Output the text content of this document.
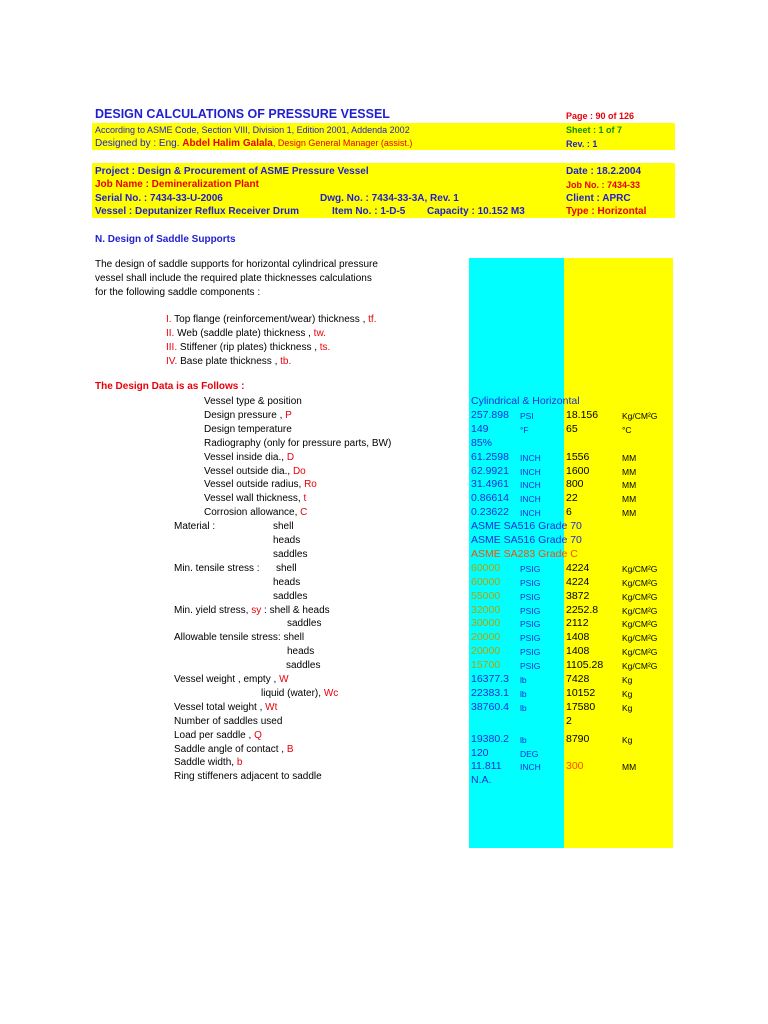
DESIGN CALCULATIONS OF PRESSURE VESSEL	Page : 90 of 126
According to ASME Code, Section VIII, Division 1, Edition 2001, Addenda 2002	Sheet : 1 of 7
Designed by : Eng. Abdel Halim Galala, Design General Manager (assist.)	Rev. : 1
Project : Design & Procurement of ASME Pressure Vessel	Date : 18.2.2004
Job Name : Demineralization Plant	Job No. : 7434-33
Serial No. : 7434-33-U-2006	Dwg. No. : 7434-33-3A, Rev. 1	Client : APRC
Vessel : Deputanizer Reflux Receiver Drum	Item No. : 1-D-5 Capacity : 10.152 M3	Type : Horizontal
N. Design of Saddle Supports
The design of saddle supports for horizontal cylindrical pressure
vessel shall include the required plate thicknesses calculations
for the following saddle components :
I. Top flange (reinforcement/wear) thickness , tf.
II. Web (saddle plate) thickness , tw.
III. Stiffener (rip plates) thickness , ts.
IV. Base plate thickness , tb.
The Design Data is as Follows :
Vessel type & position	Cylindrical & Horizontal
Design pressure , P	257.898 PSI	18.156	Kg/CM²G
Design temperature	149	°F	65	°C
Radiography (only for pressure parts, BW)	85%
Vessel inside dia., D	61.2598 INCH 1556	MM
Vessel outside dia., Do	62.9921 INCH 1600	MM
Vessel outside radius, Ro	31.4961 INCH 800	MM
Vessel wall thickness, t	0.86614 INCH 22	MM
Corrosion allowance, C	0.23622 INCH 6	MM
Material :	shell	ASME SA516 Grade 70
heads	ASME SA516 Grade 70
saddles	ASME SA283 Grade C
Min. tensile stress : shell	60000 PSIG 4224	Kg/CM²G
heads	60000 PSIG 4224	Kg/CM²G
saddles	55000 PSIG 3872	Kg/CM²G
Min. yield stress, sy : shell & heads	32000 PSIG 2252.8	Kg/CM²G
saddles	30000 PSIG 2112	Kg/CM²G
Allowable tensile stress: shell	20000 PSIG 1408	Kg/CM²G
heads	20000 PSIG 1408	Kg/CM²G
saddles	15700 PSIG 1105.28 Kg/CM²G
Vessel weight , empty , W	16377.3 lb	7428	Kg
liquid (water), Wc	22383.1 lb	10152	Kg
Vessel total weight , Wt	38760.4 lb	17580	Kg
Number of saddles used	2
Load per saddle , Q	19380.2 lb	8790	Kg
Saddle angle of contact , B	120	DEG
Saddle width, b	11.811 INCH 300	MM
Ring stiffeners adjacent to saddle	N.A.
